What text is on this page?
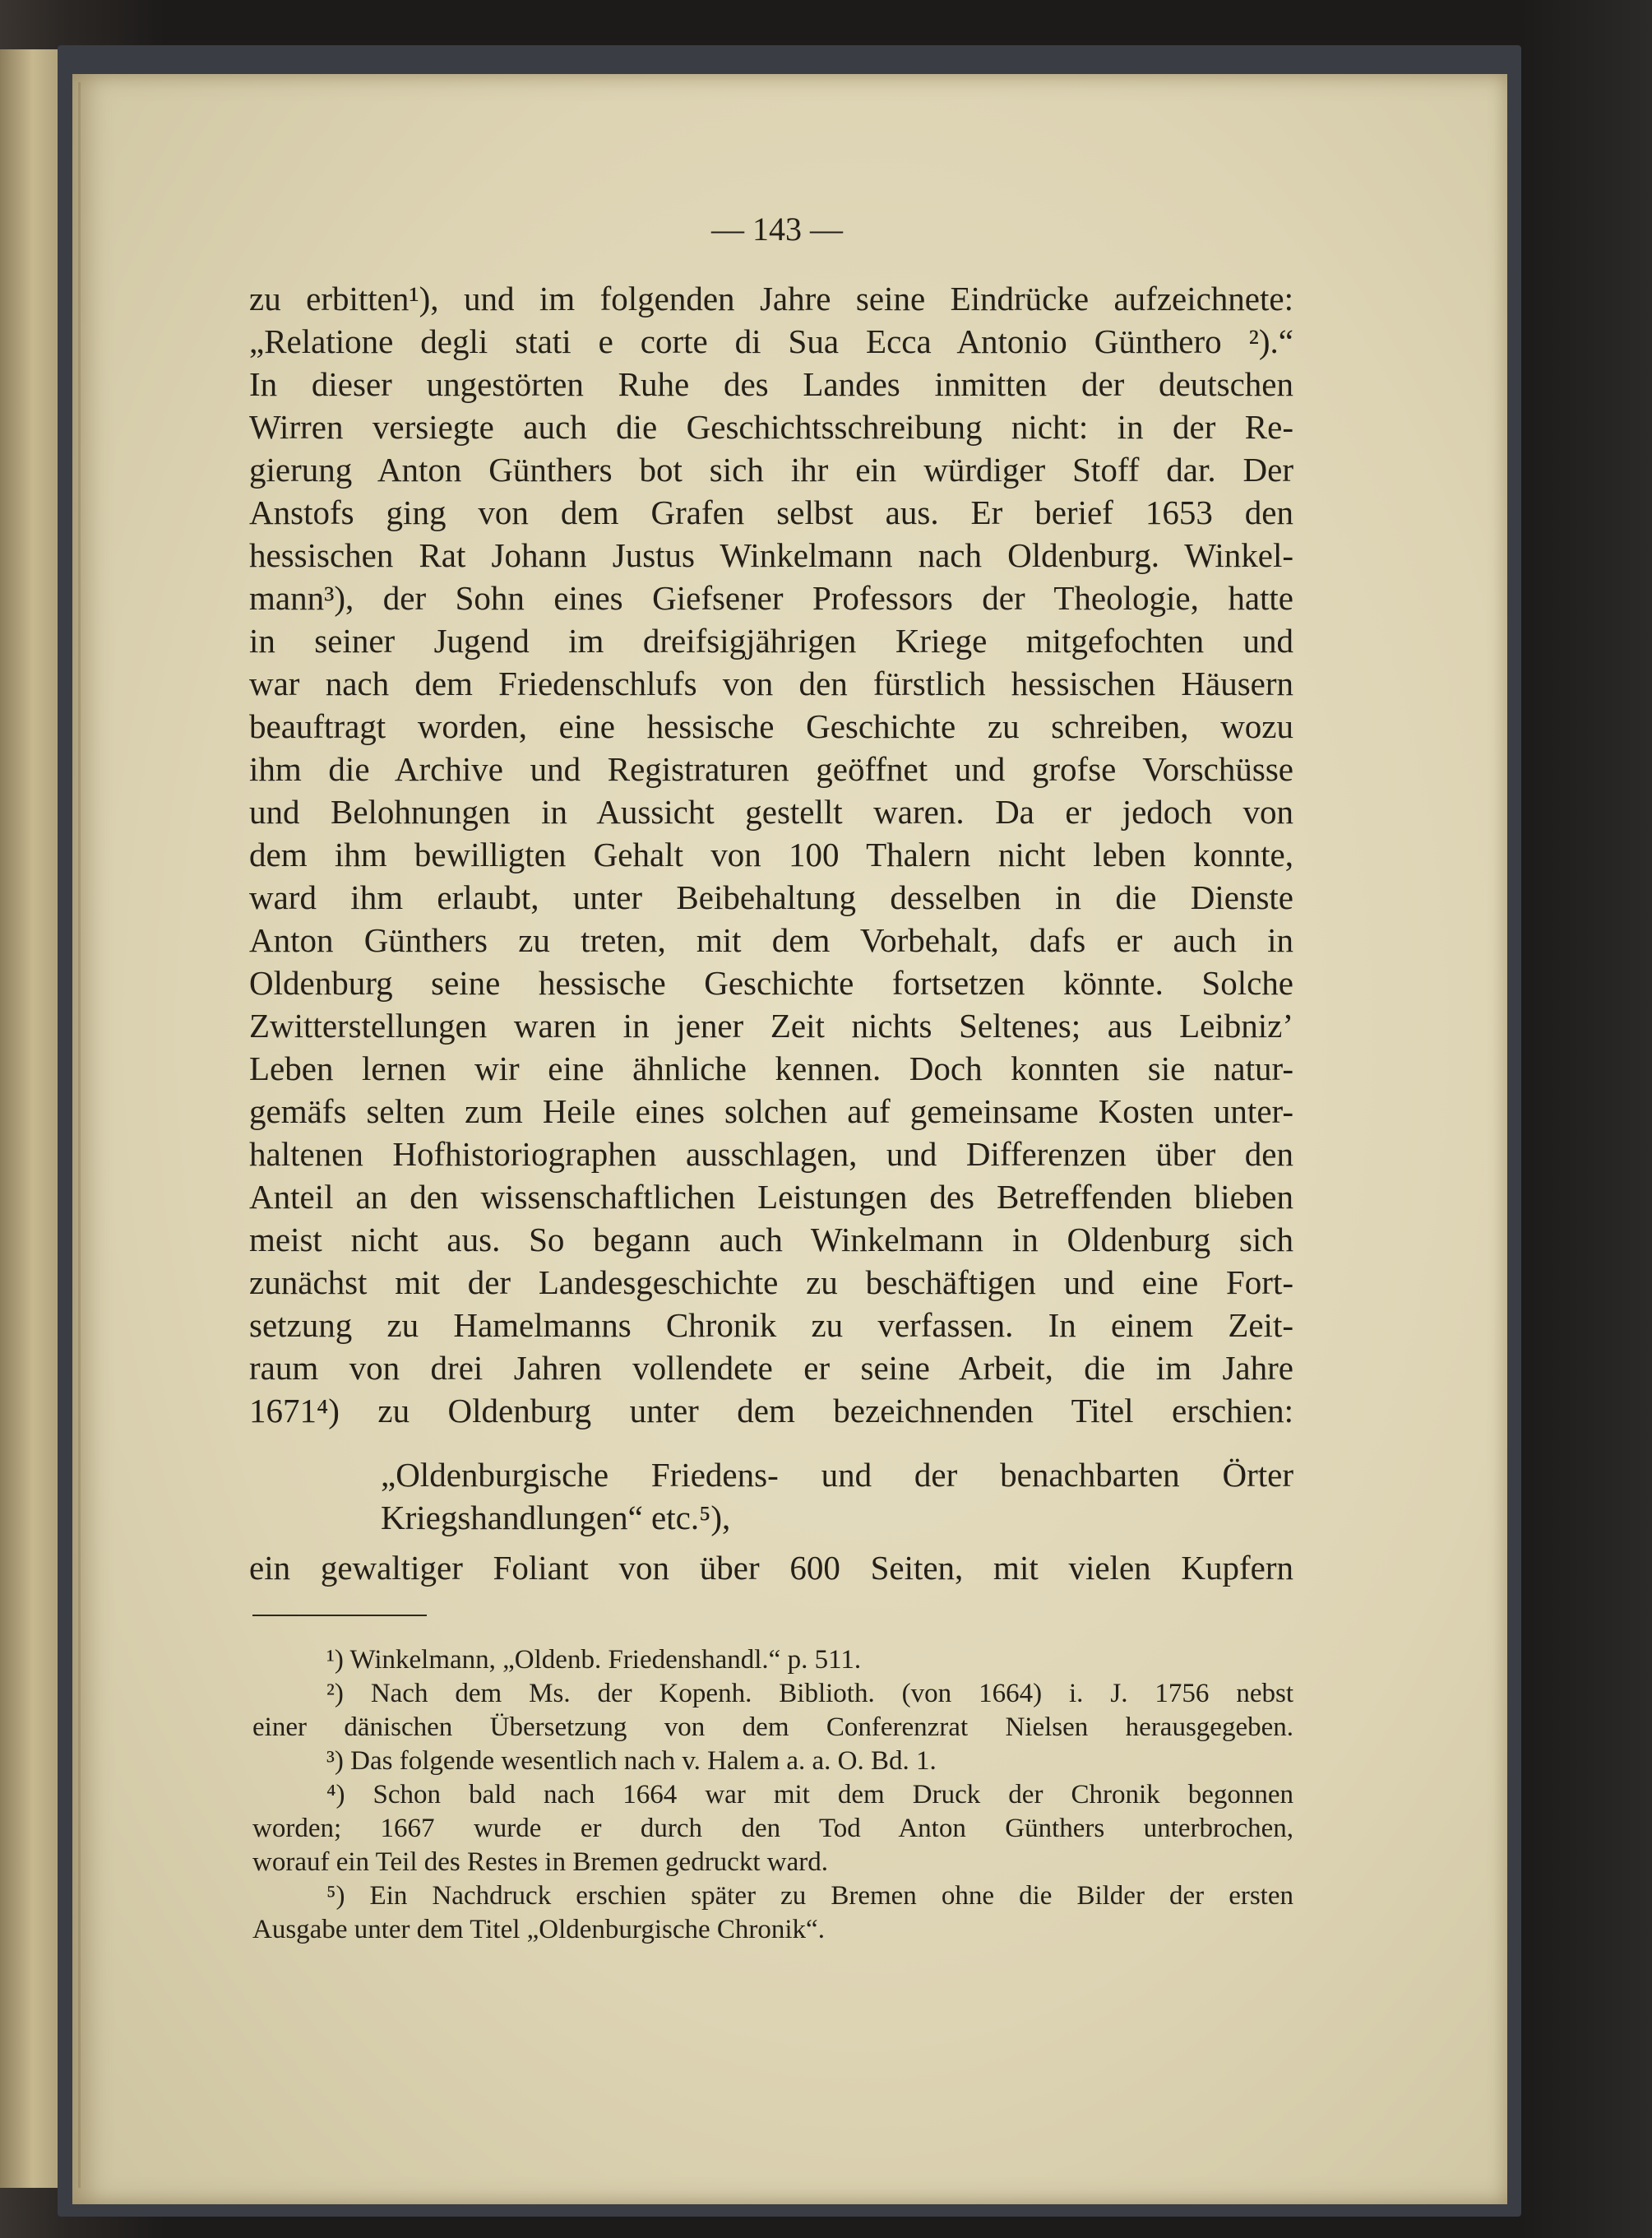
— 143 —
zu erbitten¹), und im folgenden Jahre seine Eindrücke aufzeichnete:
„Relatione degli stati e corte di Sua Ecca Antonio Günthero ²).“
In dieser ungestörten Ruhe des Landes inmitten der deutschen
Wirren versiegte auch die Geschichtsschreibung nicht: in der Re-
gierung Anton Günthers bot sich ihr ein würdiger Stoff dar. Der
Anstofs ging von dem Grafen selbst aus. Er berief 1653 den
hessischen Rat Johann Justus Winkelmann nach Oldenburg. Winkel-
mann³), der Sohn eines Giefsener Professors der Theologie, hatte
in seiner Jugend im dreifsigjährigen Kriege mitgefochten und
war nach dem Friedenschlufs von den fürstlich hessischen Häusern
beauftragt worden, eine hessische Geschichte zu schreiben, wozu
ihm die Archive und Registraturen geöffnet und grofse Vorschüsse
und Belohnungen in Aussicht gestellt waren. Da er jedoch von
dem ihm bewilligten Gehalt von 100 Thalern nicht leben konnte,
ward ihm erlaubt, unter Beibehaltung desselben in die Dienste
Anton Günthers zu treten, mit dem Vorbehalt, dafs er auch in
Oldenburg seine hessische Geschichte fortsetzen könnte. Solche
Zwitterstellungen waren in jener Zeit nichts Seltenes; aus Leibniz’
Leben lernen wir eine ähnliche kennen. Doch konnten sie natur-
gemäfs selten zum Heile eines solchen auf gemeinsame Kosten unter-
haltenen Hofhistoriographen ausschlagen, und Differenzen über den
Anteil an den wissenschaftlichen Leistungen des Betreffenden blieben
meist nicht aus. So begann auch Winkelmann in Oldenburg sich
zunächst mit der Landesgeschichte zu beschäftigen und eine Fort-
setzung zu Hamelmanns Chronik zu verfassen. In einem Zeit-
raum von drei Jahren vollendete er seine Arbeit, die im Jahre
1671⁴) zu Oldenburg unter dem bezeichnenden Titel erschien:
„Oldenburgische Friedens- und der benachbarten Örter
Kriegshandlungen“ etc.⁵),
ein gewaltiger Foliant von über 600 Seiten, mit vielen Kupfern
¹) Winkelmann, „Oldenb. Friedenshandl.“ p. 511.
²) Nach dem Ms. der Kopenh. Biblioth. (von 1664) i. J. 1756 nebst
einer dänischen Übersetzung von dem Conferenzrat Nielsen herausgegeben.
³) Das folgende wesentlich nach v. Halem a. a. O. Bd. 1.
⁴) Schon bald nach 1664 war mit dem Druck der Chronik begonnen
worden; 1667 wurde er durch den Tod Anton Günthers unterbrochen,
worauf ein Teil des Restes in Bremen gedruckt ward.
⁵) Ein Nachdruck erschien später zu Bremen ohne die Bilder der ersten
Ausgabe unter dem Titel „Oldenburgische Chronik“.
